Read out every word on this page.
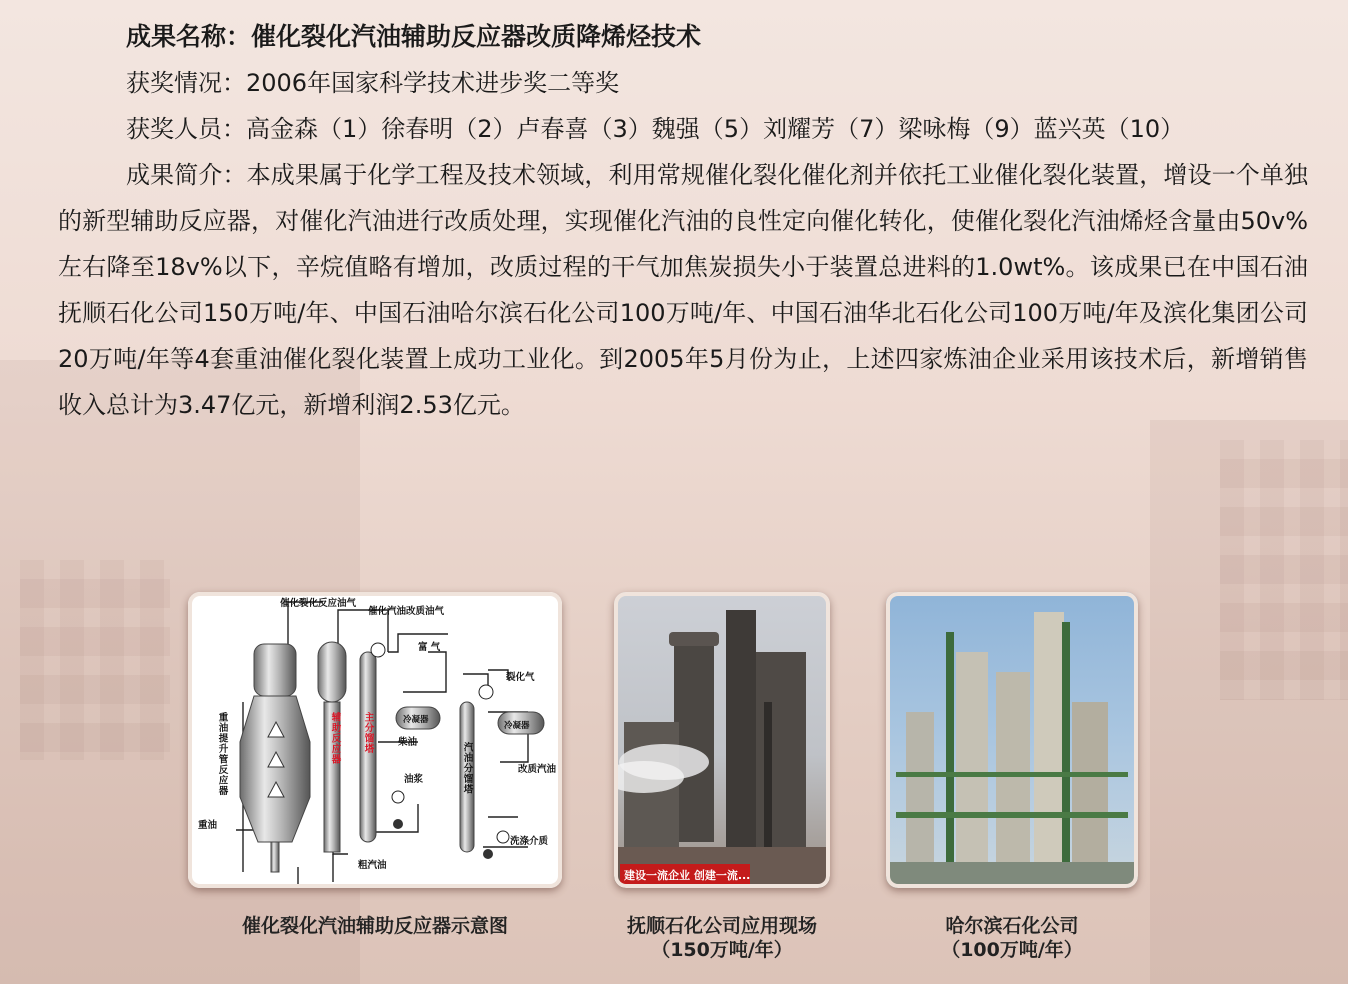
成果名称：催化裂化汽油辅助反应器改质降烯烃技术

获奖情况：2006年国家科学技术进步奖二等奖

获奖人员：高金森（1）徐春明（2）卢春喜（3）魏强（5）刘耀芳（7）梁咏梅（9）蓝兴英（10）

成果简介：本成果属于化学工程及技术领域，利用常规催化裂化催化剂并依托工业催化裂化装置，增设一个单独的新型辅助反应器，对催化汽油进行改质处理，实现催化汽油的良性定向催化转化，使催化裂化汽油烯烃含量由50v%左右降至18v%以下，辛烷值略有增加，改质过程的干气加焦炭损失小于装置总进料的1.0wt%。该成果已在中国石油抚顺石化公司150万吨/年、中国石油哈尔滨石化公司100万吨/年、中国石油华北石化公司100万吨/年及滨化集团公司20万吨/年等4套重油催化裂化装置上成功工业化。到2005年5月份为止，上述四家炼油企业采用该技术后，新增销售收入总计为3.47亿元，新增利润2.53亿元。

催化裂化反应油气
催化汽油改质油气
富 气
冷凝器
裂化气
冷凝器
柴油
油浆
重油
粗汽油
改质汽油
洗涤介质
重油提升管反应器	辅助反应器 主分馏塔
汽油分馏塔
催化裂化汽油辅助反应器示意图
建设一流企业 创建一流...
抚顺石化公司应用现场
（150万吨/年）
哈尔滨石化公司
（100万吨/年）
